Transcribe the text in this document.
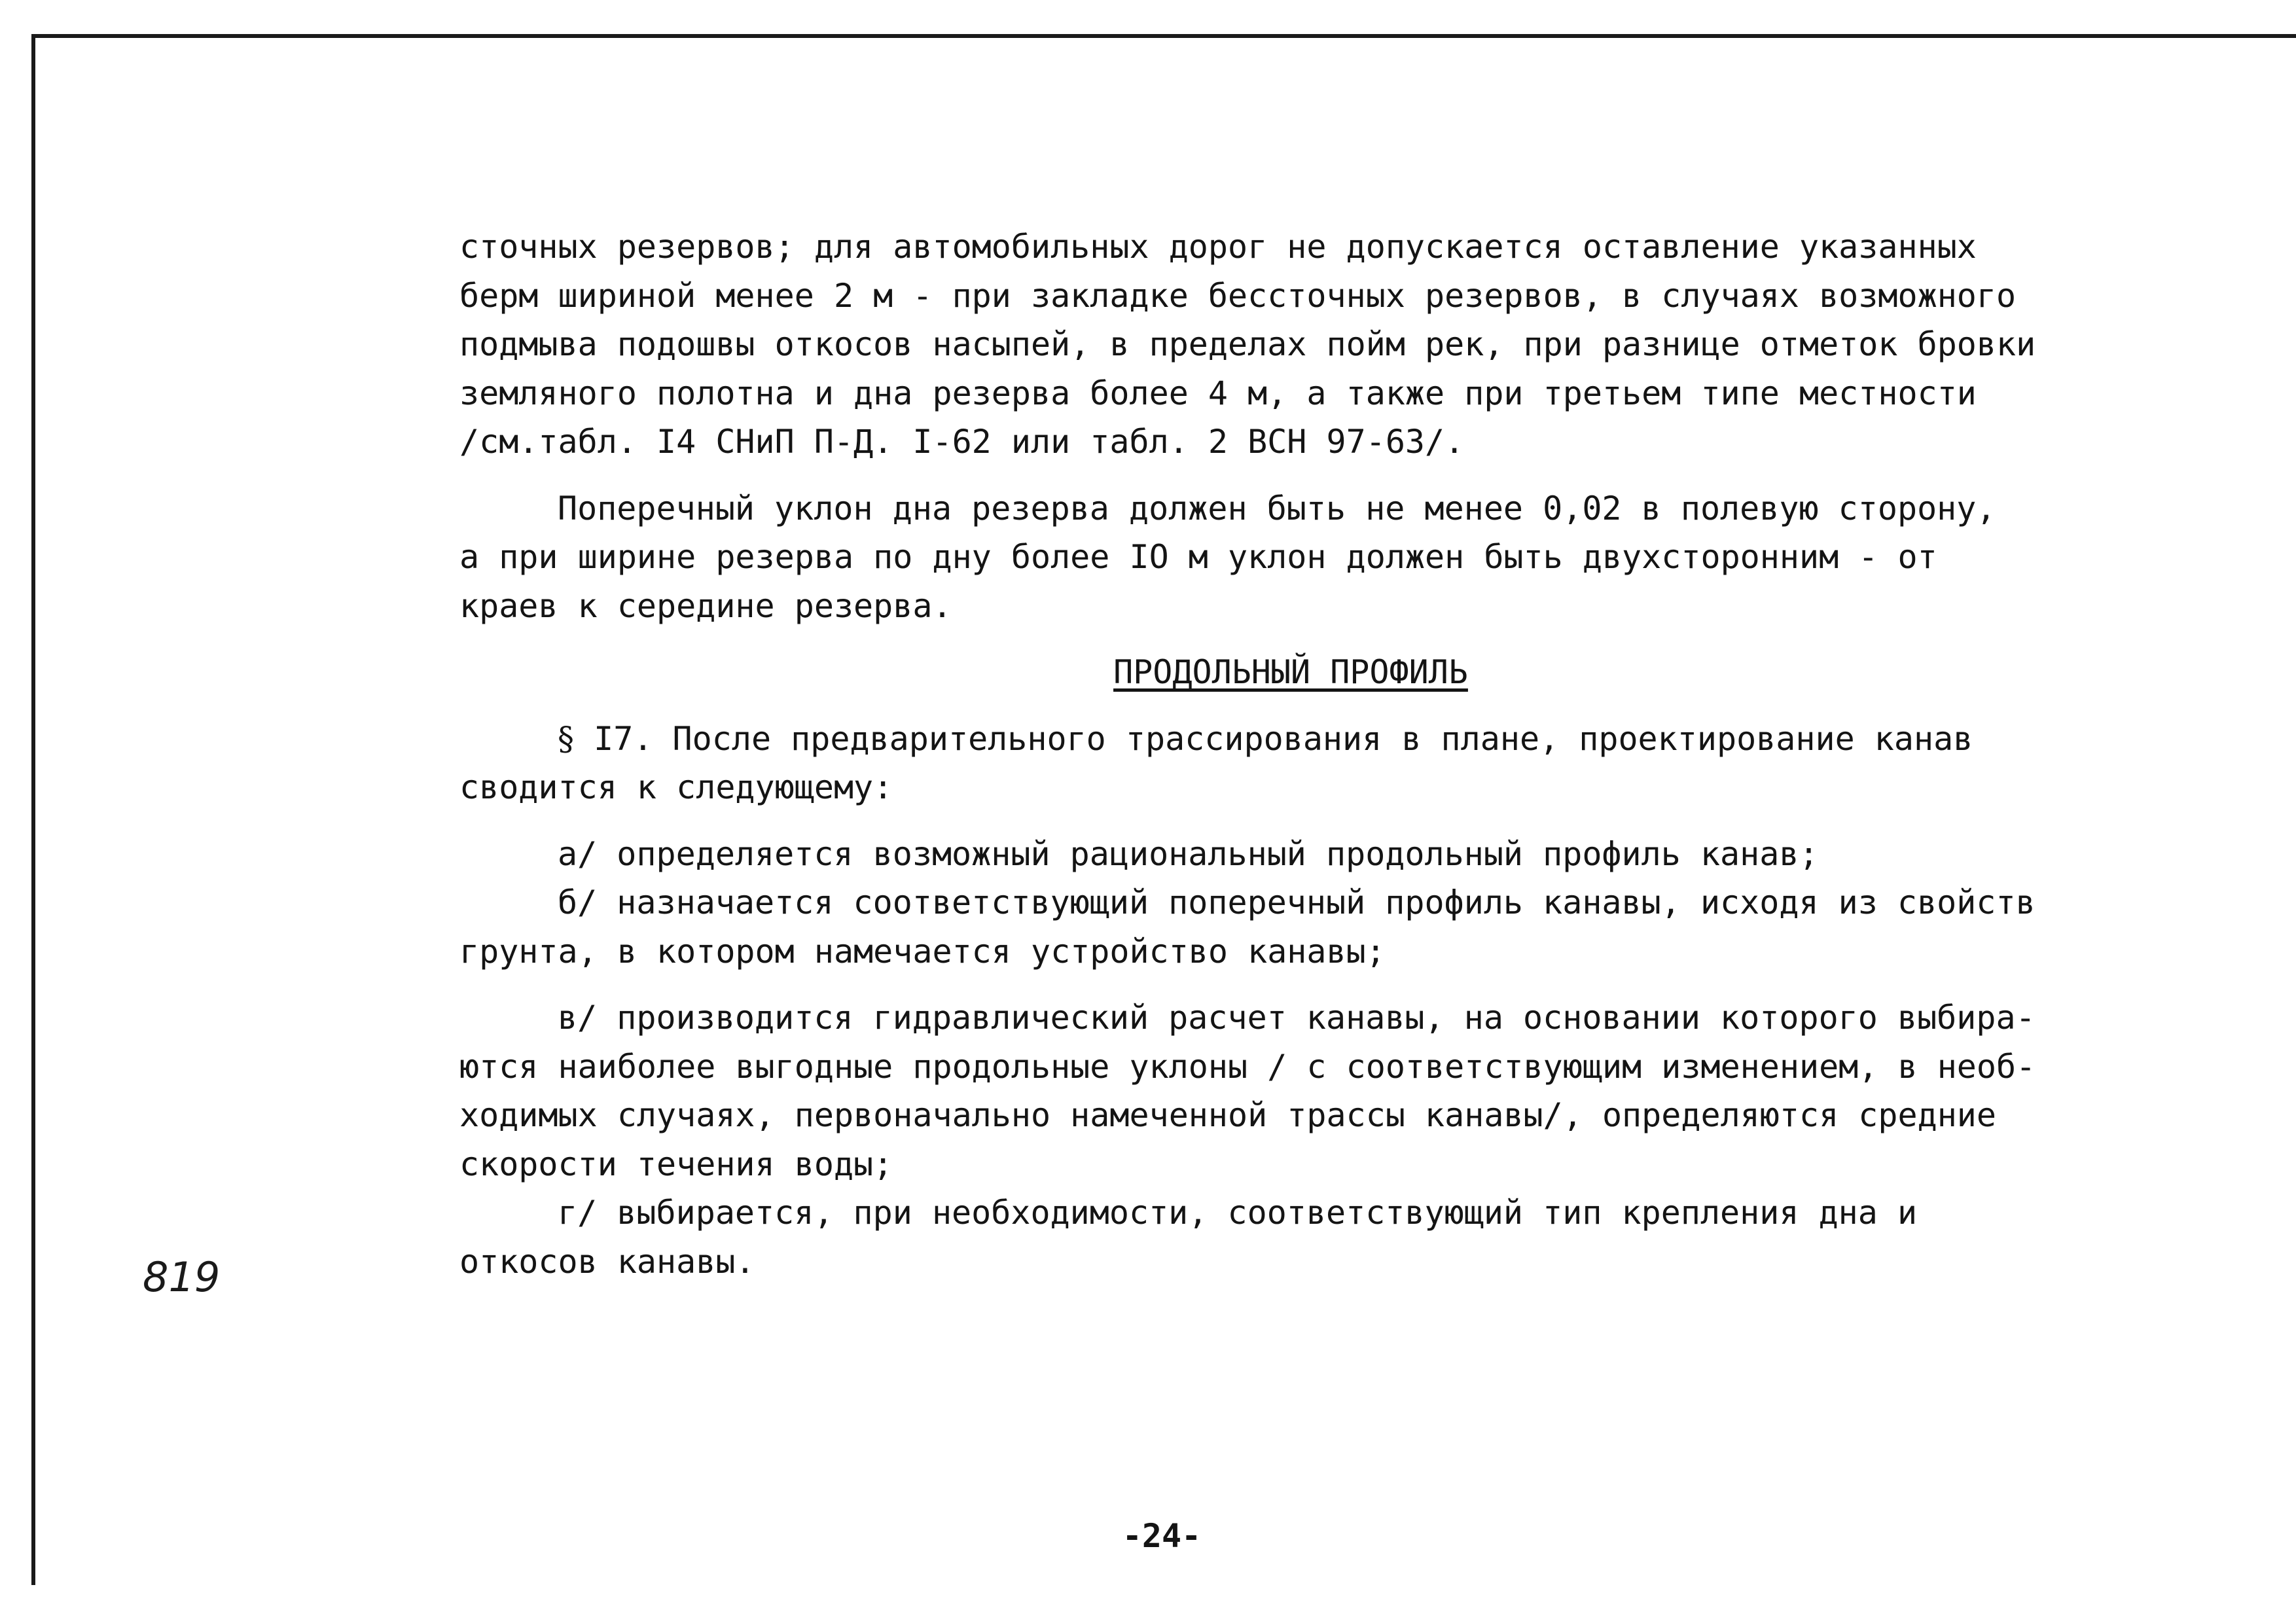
сточных резервов; для автомобильных дорог не допускается оставление указанных

берм шириной менее 2 м - при закладке бессточных резервов, в случаях возможного

подмыва подошвы откосов насыпей, в пределах пойм рек, при разнице отметок бровки

земляного полотна и дна резерва более 4 м, а также при третьем типе местности

/см.табл. I4 СНиП П-Д. I-62 или табл. 2 ВСН 97-63/.

Поперечный уклон дна резерва должен быть не менее 0,02 в полевую сторону,

а при ширине резерва по дну более IO м уклон должен быть двухсторонним - от

краев к середине резерва.

ПРОДОЛЬНЫЙ ПРОФИЛЬ

§ I7. После предварительного трассирования в плане, проектирование канав

сводится к следующему:

а/ определяется возможный рациональный продольный профиль канав;

б/ назначается соответствующий поперечный профиль канавы, исходя из свойств

грунта, в котором намечается устройство канавы;

в/ производится гидравлический расчет канавы, на основании которого выбира-

ются наиболее выгодные продольные уклоны / с соответствующим изменением, в необ-

ходимых случаях, первоначально намеченной трассы канавы/, определяются средние

скорости течения воды;

г/ выбирается, при необходимости, соответствующий тип крепления дна и

откосов канавы.

819
-24-
